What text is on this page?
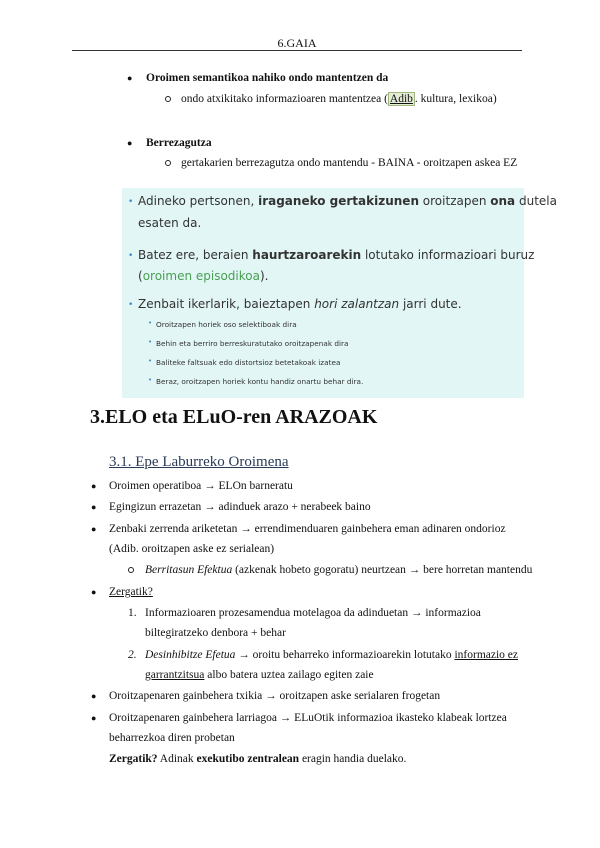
6.GAIA
● Oroimen semantikoa nahiko ondo mantentzen da
ondo atxikitako informazioaren mantentzea ( Adib . kultura, lexikoa)
● Berrezagutza
gertakarien berrezagutza ondo mantendu - BAINA - oroitzapen askea EZ
• Adineko pertsonen, iraganeko gertakizunen oroitzapen ona dutela
esaten da.
• Batez ere, beraien haurtzaroarekin lotutako informazioari buruz
(oroimen episodikoa).
• Zenbait ikerlarik, baieztapen hori zalantzan jarri dute.
• Oroitzapen horiek oso selektiboak dira
• Behin eta berriro berreskuratutako oroitzapenak dira
• Baliteke faltsuak edo distortsioz betetakoak izatea
• Beraz, oroitzapen horiek kontu handiz onartu behar dira.
3.ELO eta ELuO-ren ARAZOAK
3.1. Epe Laburreko Oroimena
● Oroimen operatiboa → ELOn barneratu
● Egingizun errazetan → adinduek arazo + nerabeek baino
● Zenbaki zerrenda ariketetan → errendimenduaren gainbehera eman adinaren ondorioz
(Adib. oroitzapen aske ez serialean)
Berritasun Efektua (azkenak hobeto gogoratu) neurtzean → bere horretan mantendu
● Zergatik?
1. Informazioaren prozesamendua motelagoa da adinduetan → informazioa
biltegiratzeko denbora + behar
2. Desinhibitze Efetua → oroitu beharreko informazioarekin lotutako informazio ez
garrantzitsua albo batera uztea zailago egiten zaie
● Oroitzapenaren gainbehera txikia → oroitzapen aske serialaren frogetan
● Oroitzapenaren gainbehera larriagoa → ELuOtik informazioa ikasteko klabeak lortzea
beharrezkoa diren probetan
Zergatik? Adinak exekutibo zentralean eragin handia duelako.
